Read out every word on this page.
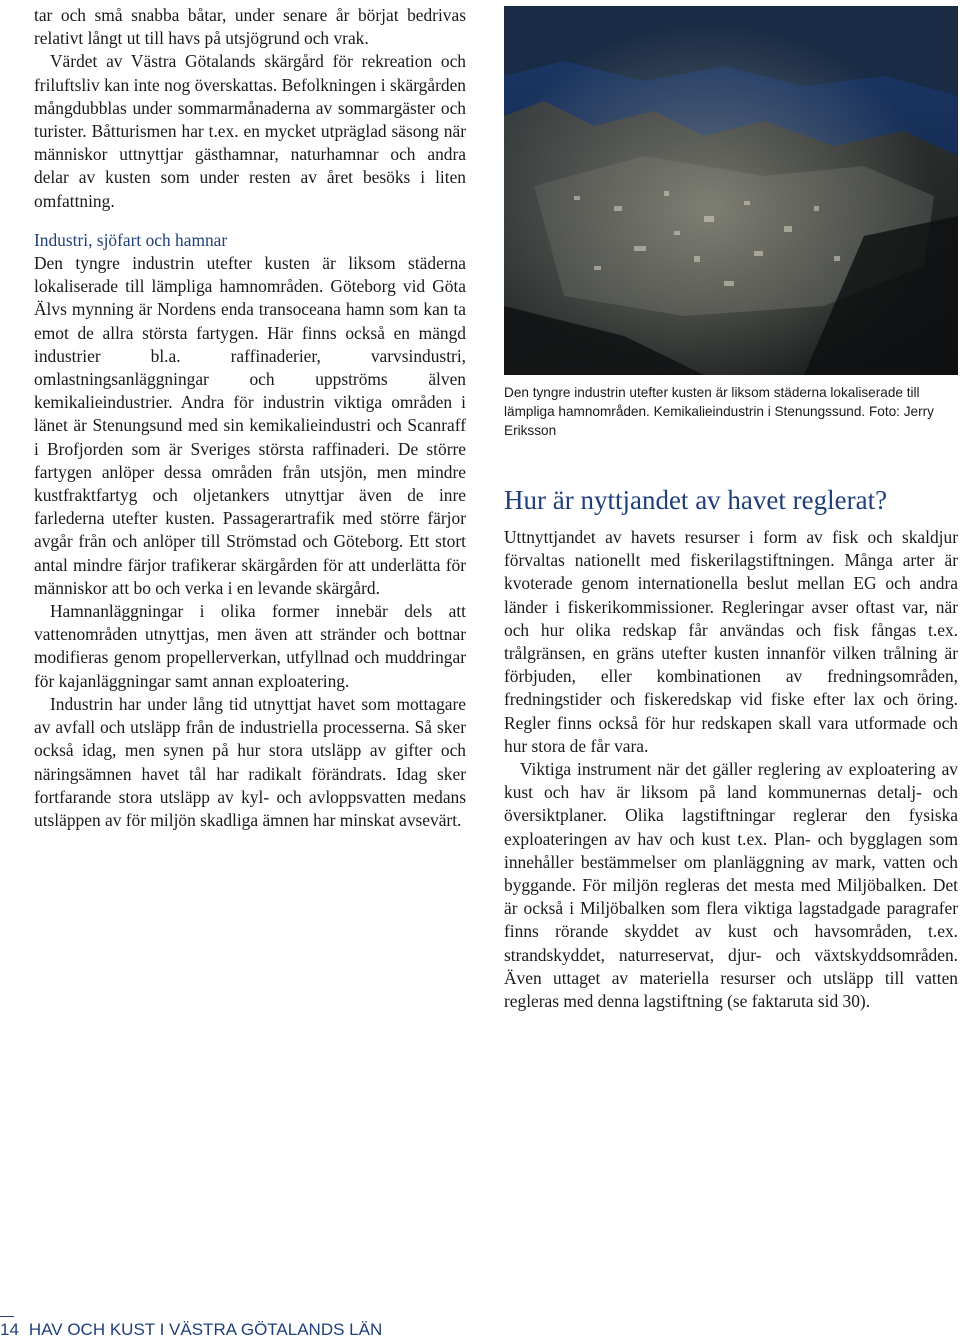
tar och små snabba båtar, under senare år börjat bedrivas relativt långt ut till havs på utsjögrund och vrak.

Värdet av Västra Götalands skärgård för rekreation och friluftsliv kan inte nog överskattas. Befolkningen i skärgården mångdubblas under sommarmånaderna av sommargäster och turister. Båtturismen har t.ex. en mycket utpräglad säsong när människor uttnyttjar gästhamnar, naturhamnar och andra delar av kusten som under resten av året besöks i liten omfattning.

Industri, sjöfart och hamnar

Den tyngre industrin utefter kusten är liksom städerna lokaliserade till lämpliga hamnområden. Göteborg vid Göta Älvs mynning är Nordens enda transoceana hamn som kan ta emot de allra största fartygen. Här finns också en mängd industrier bl.a. raffinaderier, varvsindustri, omlastningsanläggningar och uppströms älven kemikalieindustrier. Andra för industrin viktiga områden i länet är Stenungsund med sin kemikalieindustri och Scanraff i Brofjorden som är Sveriges största raffinaderi. De större fartygen anlöper dessa områden från utsjön, men mindre kustfraktfartyg och oljetankers utnyttjar även de inre farlederna utefter kusten. Passagerartrafik med större färjor avgår från och anlöper till Strömstad och Göteborg. Ett stort antal mindre färjor trafikerar skärgården för att underlätta för människor att bo och verka i en levande skärgård.

Hamnanläggningar i olika former innebär dels att vattenområden utnyttjas, men även att stränder och bottnar modifieras genom propellerverkan, utfyllnad och muddringar för kajanläggningar samt annan exploatering.

Industrin har under lång tid utnyttjat havet som mottagare av avfall och utsläpp från de industriella processerna. Så sker också idag, men synen på hur stora utsläpp av gifter och näringsämnen havet tål har radikalt förändrats. Idag sker fortfarande stora utsläpp av kyl- och avloppsvatten medans utsläppen av för miljön skadliga ämnen har minskat avsevärt.

Den tyngre industrin utefter kusten är liksom städerna lokaliserade till lämpliga hamnområden. Kemikalieindustrin i Stenungssund. Foto: Jerry Eriksson

Hur är nyttjandet av havet reglerat?

Uttnyttjandet av havets resurser i form av fisk och skaldjur förvaltas nationellt med fiskerilagstiftningen. Många arter är kvoterade genom internationella beslut mellan EG och andra länder i fiskerikommissioner. Regleringar avser oftast var, när och hur olika redskap får användas och fisk fångas t.ex. trålgränsen, en gräns utefter kusten innanför vilken trålning är förbjuden, eller kombinationen av fredningsområden, fredningstider och fiskeredskap vid fiske efter lax och öring. Regler finns också för hur redskapen skall vara utformade och hur stora de får vara.

Viktiga instrument när det gäller reglering av exploatering av kust och hav är liksom på land kommunernas detalj- och översiktplaner. Olika lagstiftningar reglerar den fysiska exploateringen av hav och kust t.ex. Plan- och bygglagen som innehåller bestämmelser om planläggning av mark, vatten och byggande. För miljön regleras det mesta med Miljöbalken. Det är också i Miljöbalken som flera viktiga lagstadgade paragrafer finns rörande skyddet av kust och havsområden, t.ex. strandskyddet, naturreservat, djur- och växtskyddsområden. Även uttaget av materiella resurser och utsläpp till vatten regleras med denna lagstiftning (se faktaruta sid 30).

14 HAV OCH KUST I VÄSTRA GÖTALANDS LÄN
